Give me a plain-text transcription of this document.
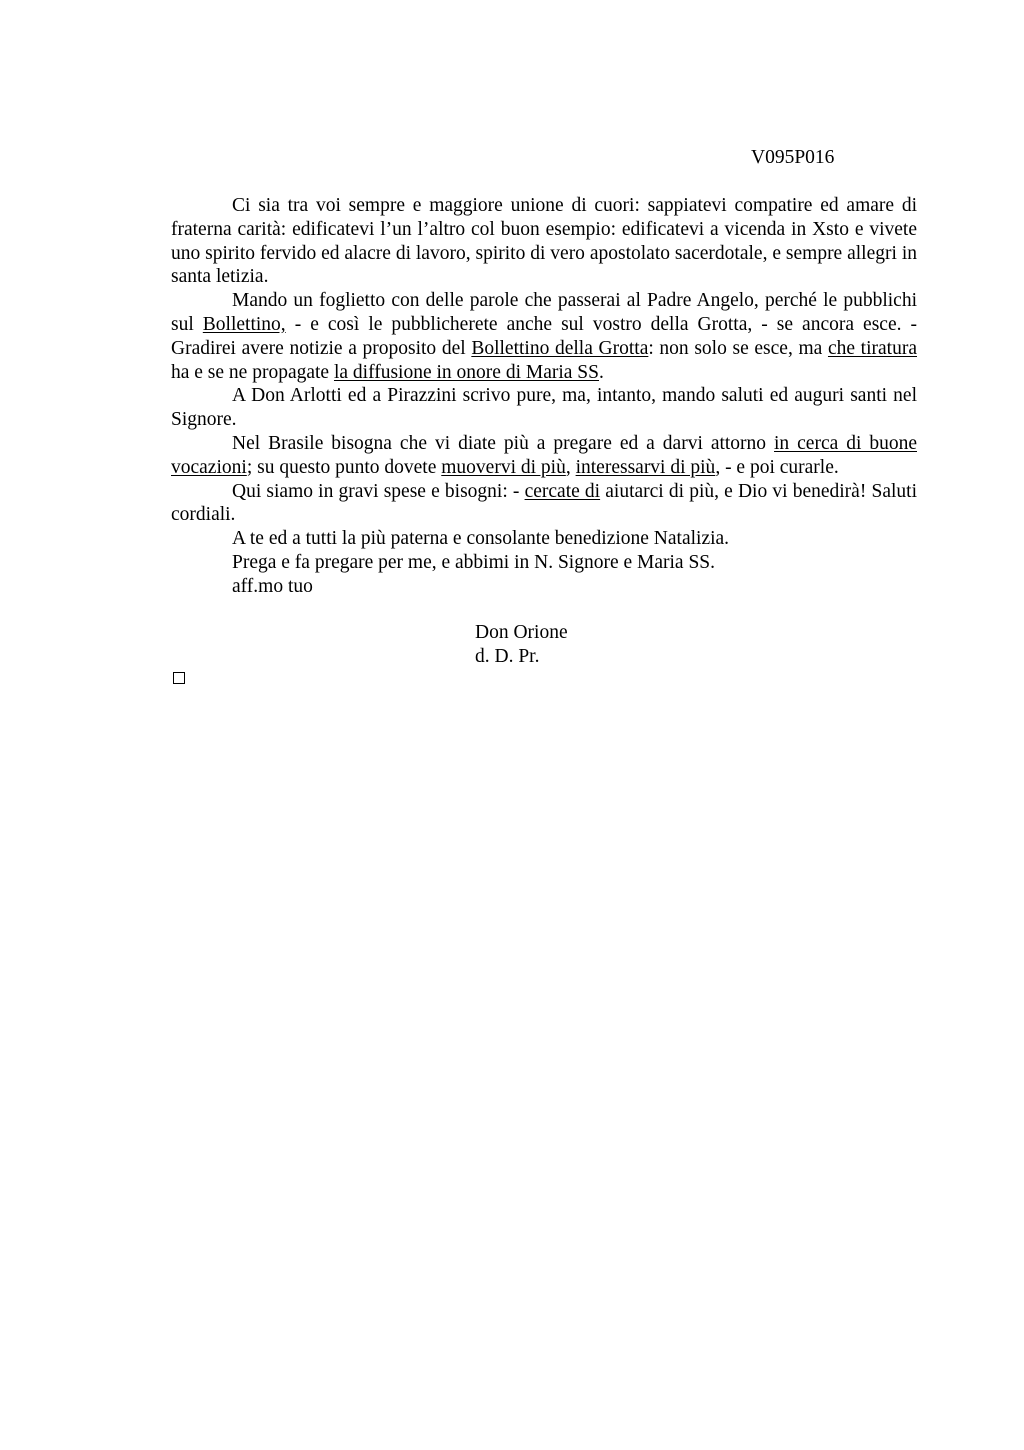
V095P016

Ci sia tra voi sempre e maggiore unione di cuori: sappiatevi compatire ed amare di fraterna carità: edificatevi l’un l’altro col buon esempio: edificatevi a vicenda in Xsto e vivete uno spirito fervido ed alacre di lavoro, spirito di vero apostolato sacerdotale, e sempre allegri in santa letizia.

Mando un foglietto con delle parole che passerai al Padre Angelo, perché le pubblichi sul Bollettino, - e così le pubblicherete anche sul vostro della Grotta, - se ancora esce. - Gradirei avere notizie a proposito del Bollettino della Grotta: non solo se esce, ma che tiratura ha e se ne propagate la diffusione in onore di Maria SS.

A Don Arlotti ed a Pirazzini scrivo pure, ma, intanto, mando saluti ed auguri santi nel Signore.

Nel Brasile bisogna che vi diate più a pregare ed a darvi attorno in cerca di buone vocazioni; su questo punto dovete muovervi di più, interessarvi di più, - e poi curarle.

Qui siamo in gravi spese e bisogni: - cercate di aiutarci di più, e Dio vi benedirà! Saluti cordiali.

A te ed a tutti la più paterna e consolante benedizione Natalizia.

Prega e fa pregare per me, e abbimi in N. Signore e Maria SS.

aff.mo tuo

Don Orione

d. D. Pr.
